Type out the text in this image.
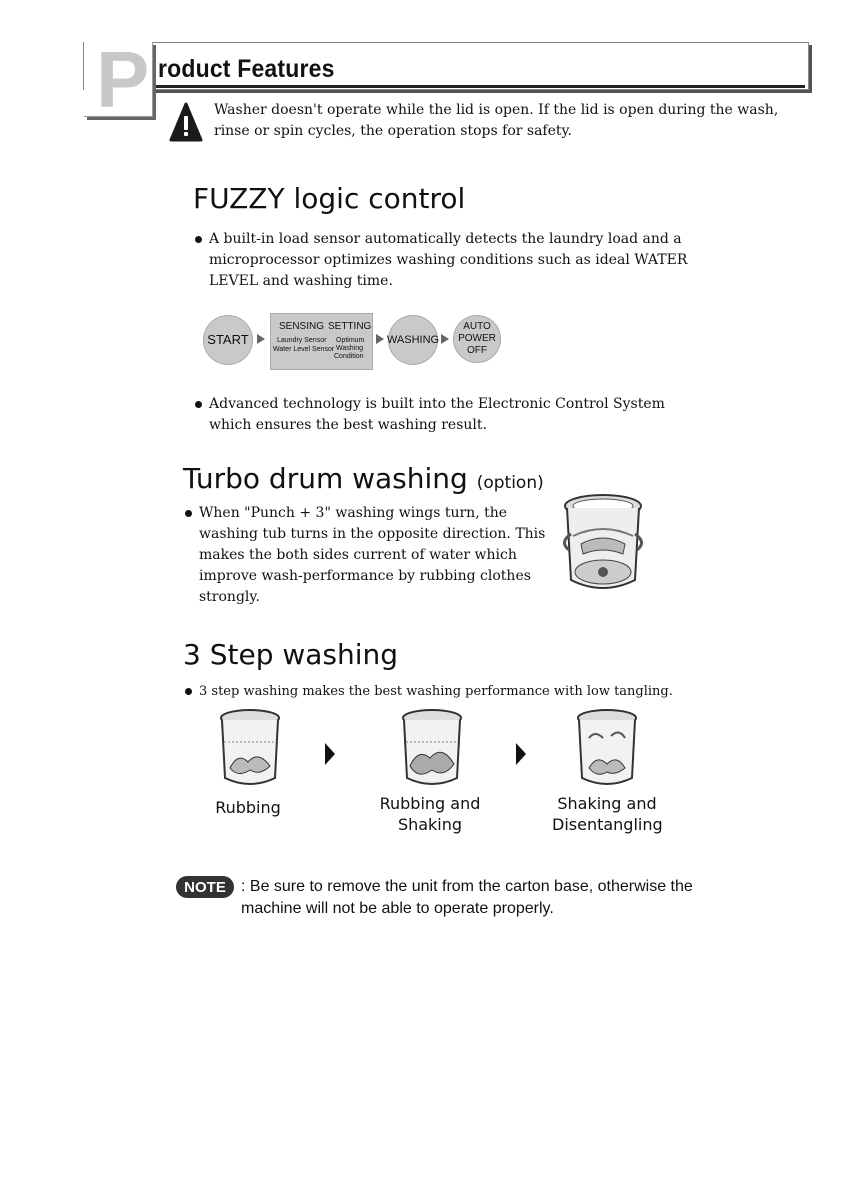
P roduct Features
Washer doesn't operate while the lid is open. If the lid is open during the wash, rinse or spin cycles, the operation stops for safety.
FUZZY logic control
A built-in load sensor automatically detects the laundry load and a microprocessor optimizes washing conditions such as ideal WATER LEVEL and washing time.
START
SENSING SETTING
Laundry Sensor
Water Level Sensor
Optimum
Washing
Condition
WASHING
AUTO POWER OFF
Advanced technology is built into the Electronic Control System which ensures the best washing result.
Turbo drum washing (option)
When "Punch + 3" washing wings turn, the washing tub turns in the opposite direction. This makes the both sides current of water which improve wash-performance by rubbing clothes strongly.
3 Step washing
3 step washing makes the best washing performance with low tangling.
Rubbing	Rubbing and Shaking
Shaking and Disentangling
NOTE : Be sure to remove the unit from the carton base, otherwise the machine will not be able to operate properly.
